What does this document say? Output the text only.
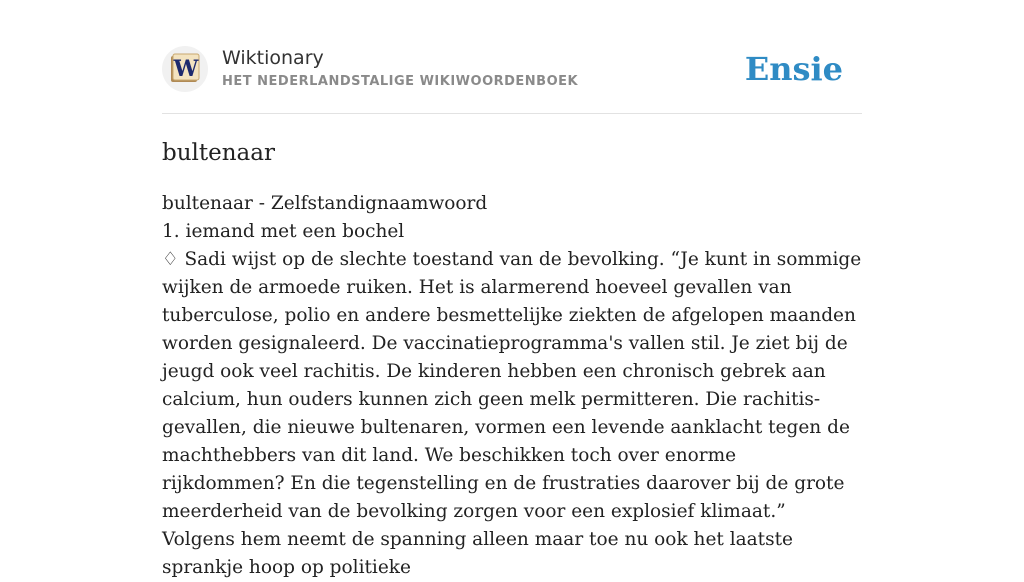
W Wiktionary
HET NEDERLANDSTALIGE WIKIWOORDENBOEK	Ensie
bultenaar

bultenaar - Zelfstandignaamwoord

1. iemand met een bochel

♢ Sadi wijst op de slechte toestand van de bevolking. “Je kunt in sommige wijken de armoede ruiken. Het is alarmerend hoeveel gevallen van tuberculose, polio en andere besmettelijke ziekten de afgelopen maanden worden gesignaleerd. De vaccinatieprogramma's vallen stil. Je ziet bij de jeugd ook veel rachitis. De kinderen hebben een chronisch gebrek aan calcium, hun ouders kunnen zich geen melk permitteren. Die rachitis-gevallen, die nieuwe bultenaren, vormen een levende aanklacht tegen de machthebbers van dit land. We beschikken toch over enorme rijkdommen? En die tegenstelling en de frustraties daarover bij de grote meerderheid van de bevolking zorgen voor een explosief klimaat.” Volgens hem neemt de spanning alleen maar toe nu ook het laatste sprankje hoop op politieke
